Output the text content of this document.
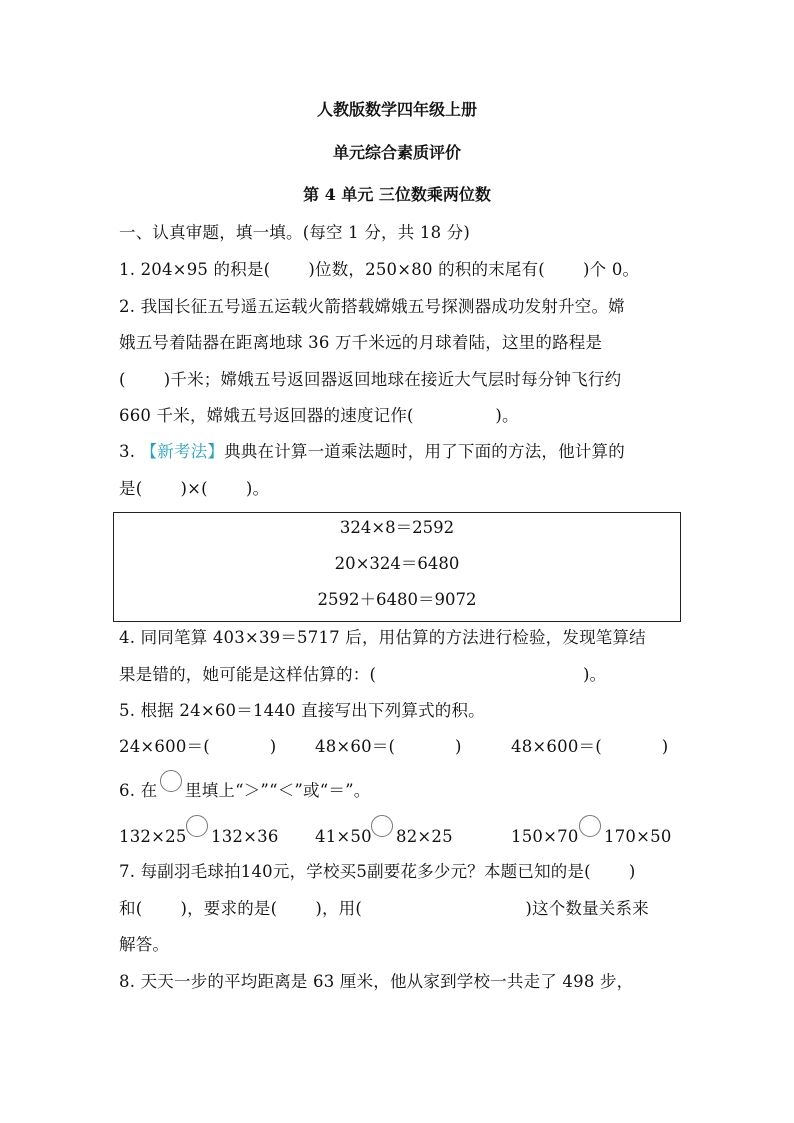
人教版数学四年级上册
单元综合素质评价
第 4 单元 三位数乘两位数
一、认真审题，填一填。(每空 1 分，共 18 分)
1. 204×95 的积是(       )位数，250×80 的积的末尾有(       )个 0。
2. 我国长征五号遥五运载火箭搭载嫦娥五号探测器成功发射升空。嫦
娥五号着陆器在距离地球 36 万千米远的月球着陆，这里的路程是
(       )千米；嫦娥五号返回器返回地球在接近大气层时每分钟飞行约
660 千米，嫦娥五号返回器的速度记作(               )。
3. 【新考法】典典在计算一道乘法题时，用了下面的方法，他计算的
是(       )×(       )。
324×8＝2592
20×324＝6480
2592＋6480＝9072
4. 同同笔算 403×39＝5717 后，用估算的方法进行检验，发现笔算结
果是错的，她可能是这样估算的：(                                      )。
5. 根据 24×60＝1440 直接写出下列算式的积。
24×600＝(           ) 48×60＝(           )	48×600＝(           )
6. 在 里填上“＞”“＜”或“＝”。
132×25 132×36 41×50 82×25	150×70 170×50
7. 每副羽毛球拍140元，学校买5副要花多少元？本题已知的是(       )
和(       )，要求的是(       )，用(                              )这个数量关系来
解答。
8. 天天一步的平均距离是 63 厘米，他从家到学校一共走了 498 步，
